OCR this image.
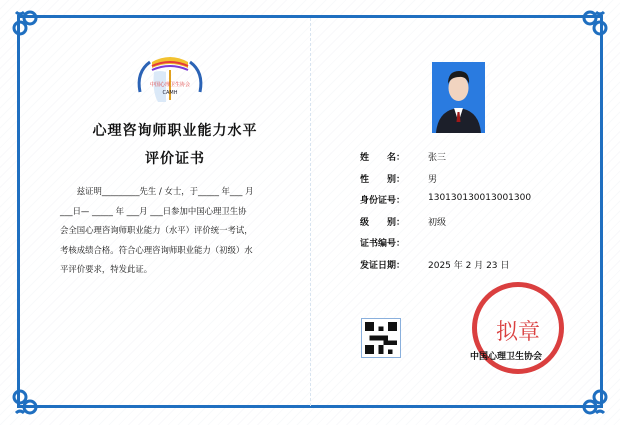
中国心理卫生协会
CAMH
心理咨询师职业能力水平
评价证书
　　兹证明_________先生 / 女士，于_____ 年___ 月
___日— _____ 年 ___月 ___日参加中国心理卫生协
会全国心理咨询师职业能力（水平）评价统一考试，
考核成绩合格。符合心理咨询师职业能力（初级）水
平评价要求，特发此证。
姓　　名：	张三
性　　别：	男
身份证号：	130130130013001300
级　　别：	初级
证书编号：
发证日期：	2025 年 2 月 23 日
拟章
中国心理卫生协会
